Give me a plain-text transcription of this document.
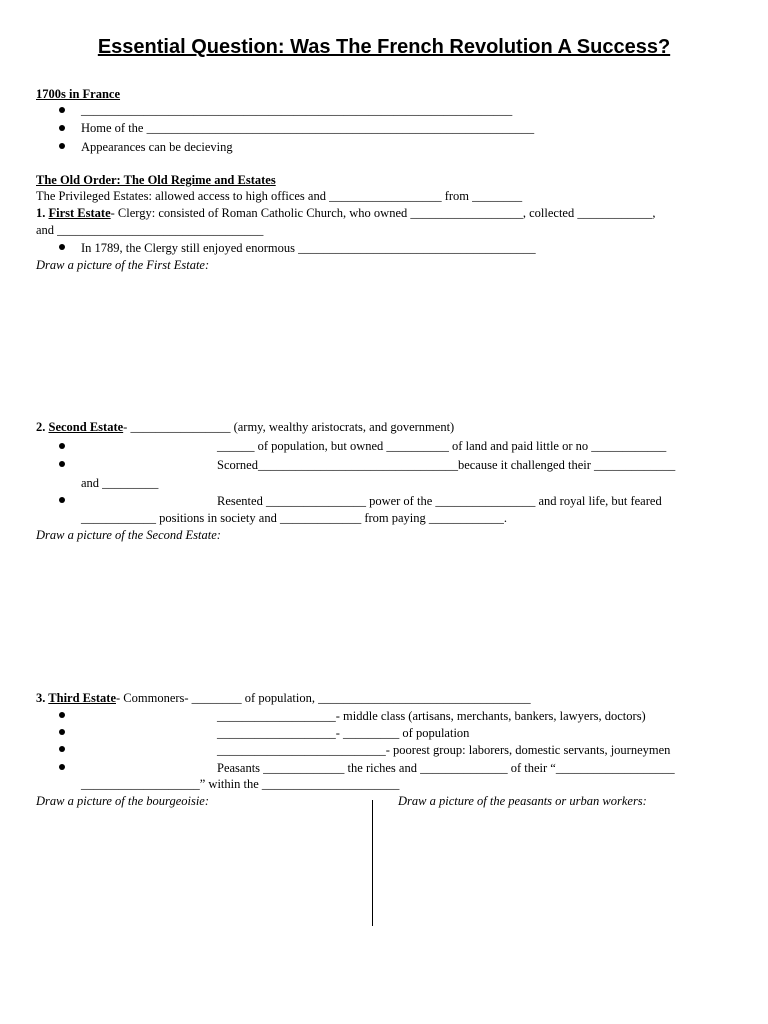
Essential Question: Was The French Revolution A Success?
1700s in France
_____________________________________________________________________
Home of the ______________________________________________________________
Appearances can be decieving
The Old Order: The Old Regime and Estates
The Privileged Estates: allowed access to high offices and __________________ from ________
1. First Estate- Clergy: consisted of Roman Catholic Church, who owned __________________, collected ____________,
and _________________________________
In 1789, the Clergy still enjoyed enormous ______________________________________
Draw a picture of the First Estate:
2. Second Estate- ________________ (army, wealthy aristocrats, and government)
______ of population, but owned __________ of land and paid little or no ____________
Scorned________________________________because it challenged their _____________
and _________
Resented ________________ power of the ________________ and royal life, but feared
____________ positions in society and _____________ from paying ____________.
Draw a picture of the Second Estate:
3. Third Estate- Commoners- ________ of population, __________________________________
___________________- middle class (artisans, merchants, bankers, lawyers, doctors)
___________________- _________ of population
___________________________- poorest group: laborers, domestic servants, journeymen
Peasants _____________ the riches and ______________ of their “___________________
___________________” within the ______________________
Draw a picture of the bourgeoisie:	Draw a picture of the peasants or urban workers:
